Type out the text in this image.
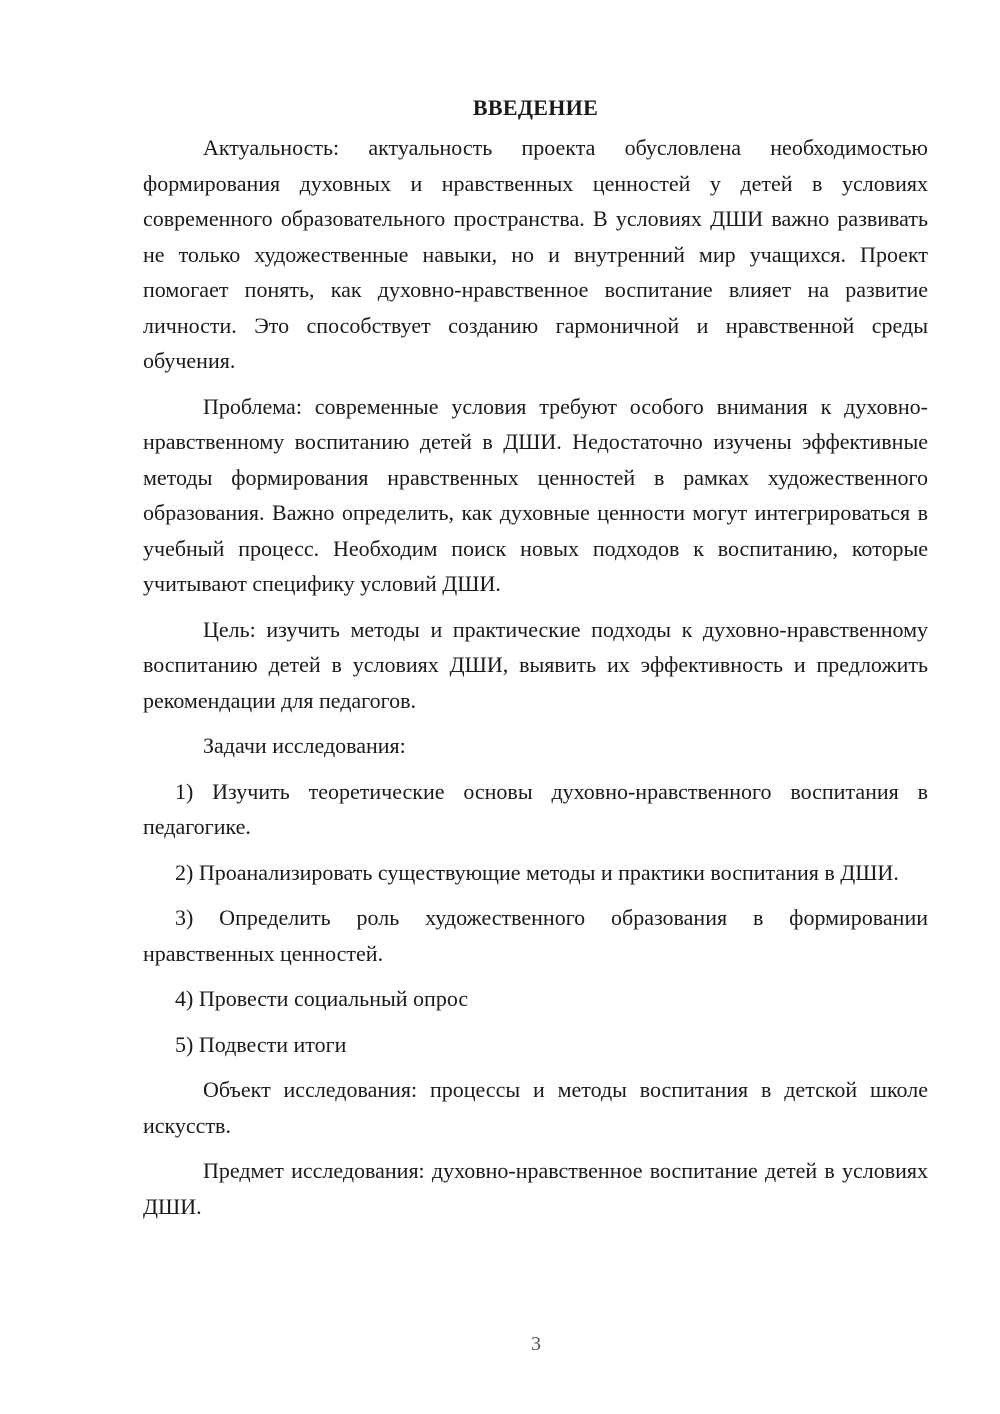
ВВЕДЕНИЕ

Актуальность: актуальность проекта обусловлена необходимостью формирования духовных и нравственных ценностей у детей в условиях современного образовательного пространства. В условиях ДШИ важно развивать не только художественные навыки, но и внутренний мир учащихся. Проект помогает понять, как духовно-нравственное воспитание влияет на развитие личности. Это способствует созданию гармоничной и нравственной среды обучения.

Проблема: современные условия требуют особого внимания к духовно-нравственному воспитанию детей в ДШИ. Недостаточно изучены эффективные методы формирования нравственных ценностей в рамках художественного образования. Важно определить, как духовные ценности могут интегрироваться в учебный процесс. Необходим поиск новых подходов к воспитанию, которые учитывают специфику условий ДШИ.

Цель: изучить методы и практические подходы к духовно-нравственному воспитанию детей в условиях ДШИ, выявить их эффективность и предложить рекомендации для педагогов.

Задачи исследования:

1) Изучить теоретические основы духовно-нравственного воспитания в педагогике.

2) Проанализировать существующие методы и практики воспитания в ДШИ.

3) Определить роль художественного образования в формировании нравственных ценностей.

4) Провести социальный опрос

5) Подвести итоги

Объект исследования: процессы и методы воспитания в детской школе искусств.

Предмет исследования: духовно-нравственное воспитание детей в условиях ДШИ.

3
